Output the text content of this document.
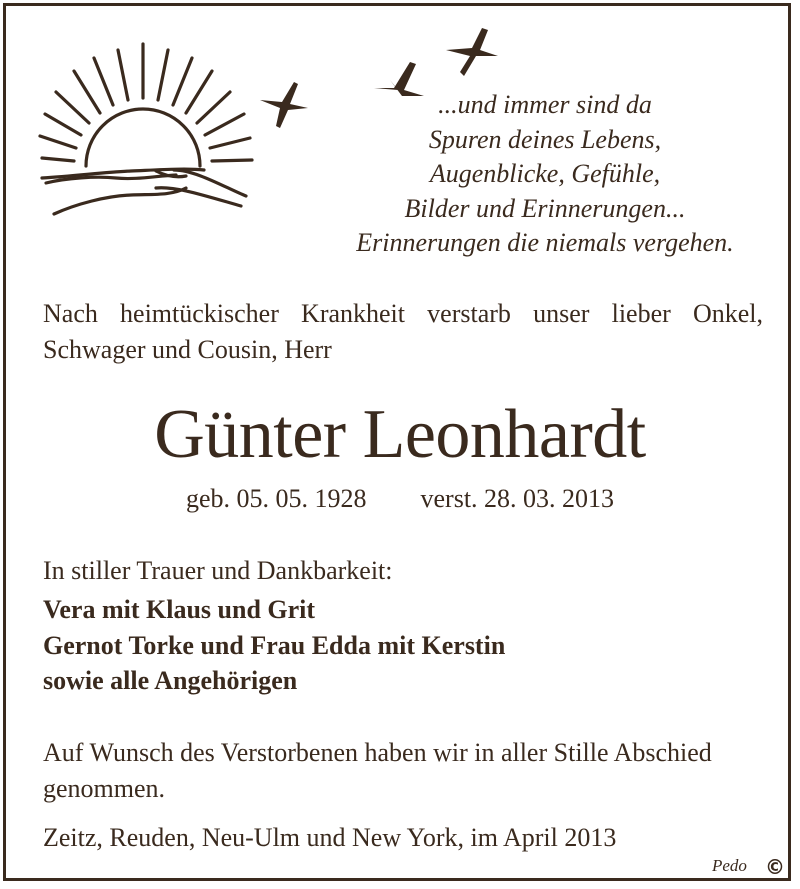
...und immer sind da
Spuren deines Lebens,
Augenblicke, Gefühle,
Bilder und Erinnerungen...
Erinnerungen die niemals vergehen.
Nach heimtückischer Krankheit verstarb unser lieber Onkel,
Schwager und Cousin, Herr
Günter Leonhardt
geb. 05. 05. 1928 verst. 28. 03. 2013
In stiller Trauer und Dankbarkeit:
Vera mit Klaus und Grit
Gernot Torke und Frau Edda mit Kerstin
sowie alle Angehörigen
Auf Wunsch des Verstorbenen haben wir in aller Stille Abschied genommen.
Zeitz, Reuden, Neu-Ulm und New York, im April 2013
Pedo ©
